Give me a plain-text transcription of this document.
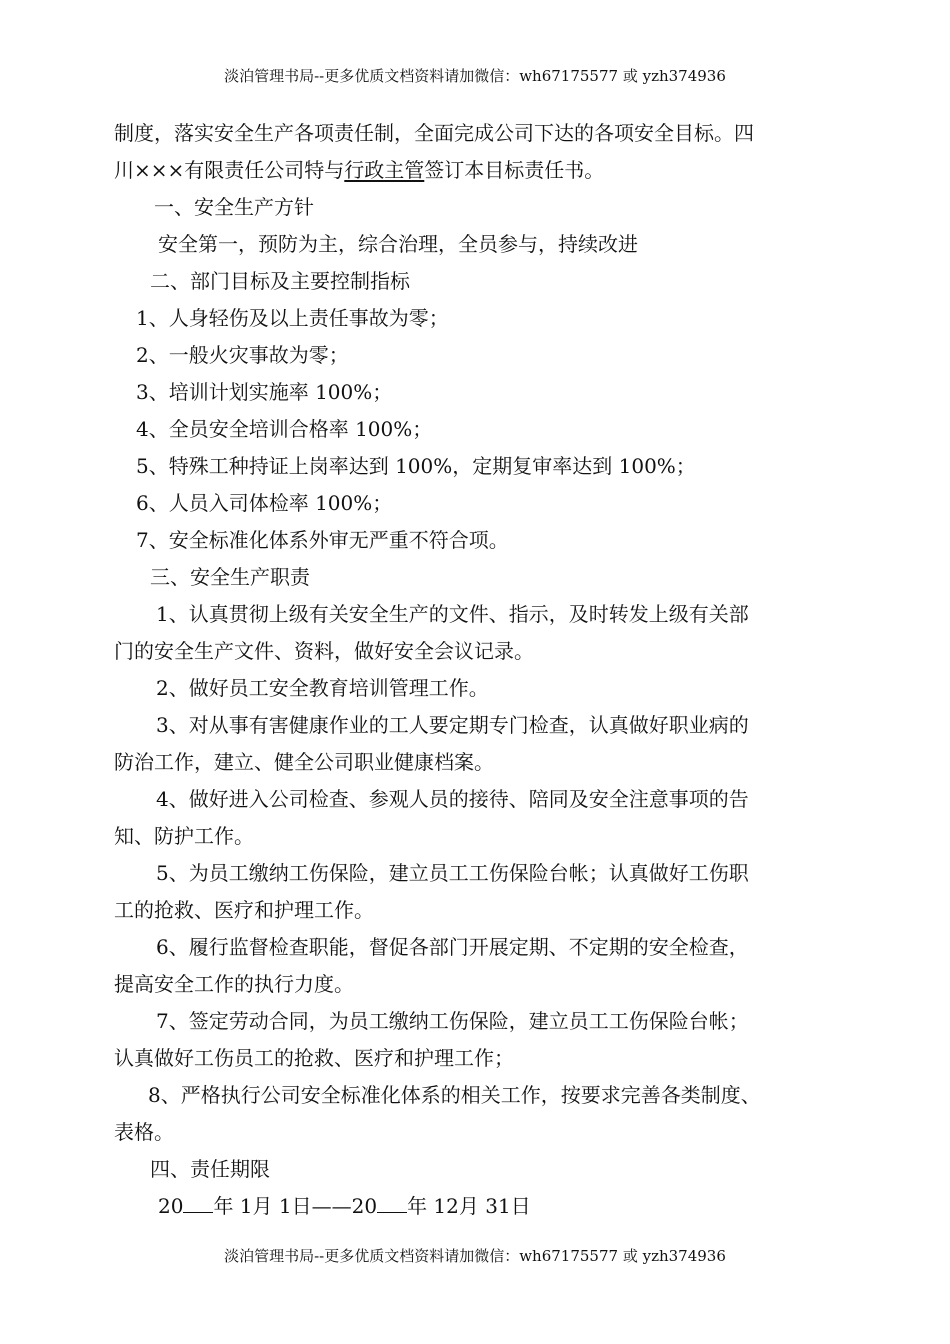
淡泊管理书局--更多优质文档资料请加微信：wh67175577 或 yzh374936

制度，落实安全生产各项责任制，全面完成公司下达的各项安全目标。四

川×××有限责任公司特与行政主管签订本目标责任书。

一、安全生产方针

安全第一，预防为主，综合治理，全员参与，持续改进

二、部门目标及主要控制指标

1、人身轻伤及以上责任事故为零；

2、一般火灾事故为零；

3、培训计划实施率 100%；

4、全员安全培训合格率 100%；

5、特殊工种持证上岗率达到 100%，定期复审率达到 100%；

6、人员入司体检率 100%；

7、安全标准化体系外审无严重不符合项。

三、安全生产职责

1、认真贯彻上级有关安全生产的文件、指示，及时转发上级有关部

门的安全生产文件、资料，做好安全会议记录。

2、做好员工安全教育培训管理工作。

3、对从事有害健康作业的工人要定期专门检查，认真做好职业病的

防治工作，建立、健全公司职业健康档案。

4、做好进入公司检查、参观人员的接待、陪同及安全注意事项的告

知、防护工作。

5、为员工缴纳工伤保险，建立员工工伤保险台帐；认真做好工伤职

工的抢救、医疗和护理工作。

6、履行监督检查职能，督促各部门开展定期、不定期的安全检查，

提高安全工作的执行力度。

7、签定劳动合同，为员工缴纳工伤保险，建立员工工伤保险台帐；

认真做好工伤员工的抢救、医疗和护理工作；

8、严格执行公司安全标准化体系的相关工作，按要求完善各类制度、

表格。

四、责任期限

20 年 1月 1日——20 年 12月 31日

淡泊管理书局--更多优质文档资料请加微信：wh67175577 或 yzh374936
